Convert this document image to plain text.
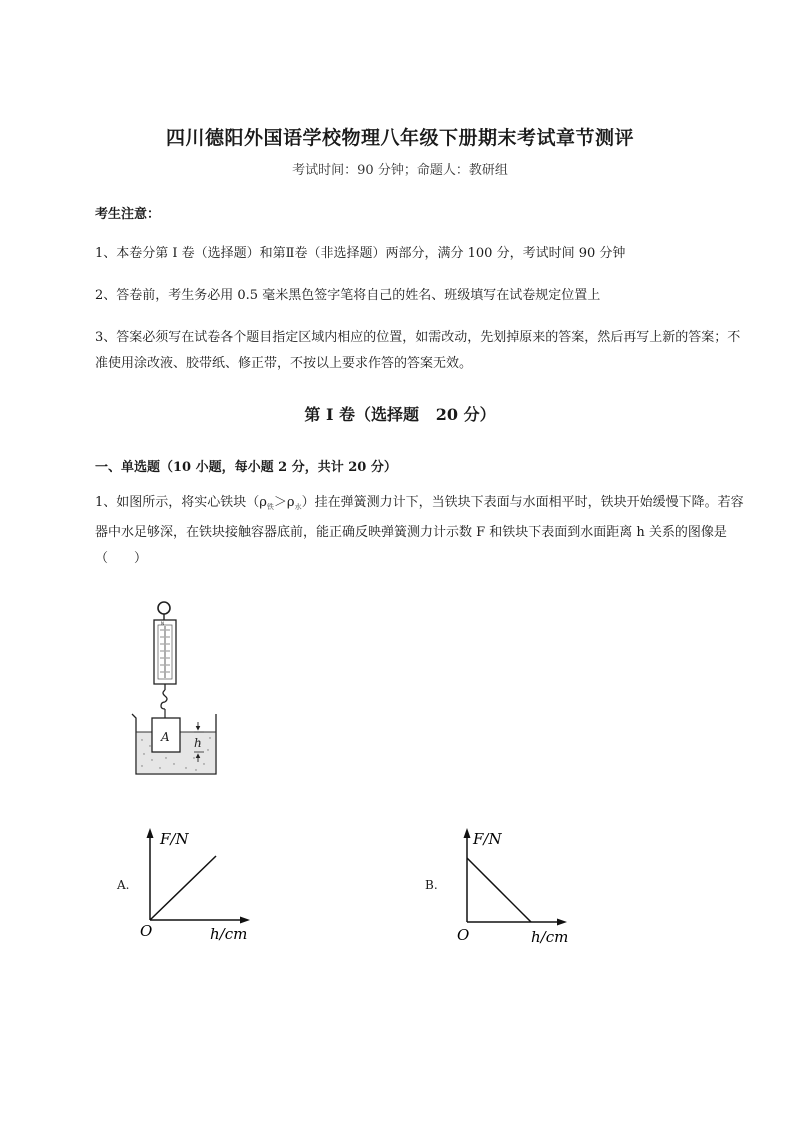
四川德阳外国语学校物理八年级下册期末考试章节测评
考试时间：90 分钟；命题人：教研组
考生注意：
1、本卷分第 I 卷（选择题）和第Ⅱ卷（非选择题）两部分，满分 100 分，考试时间 90 分钟
2、答卷前，考生务必用 0.5 毫米黑色签字笔将自己的姓名、班级填写在试卷规定位置上
3、答案必须写在试卷各个题目指定区域内相应的位置，如需改动，先划掉原来的答案，然后再写上新的答案；不准使用涂改液、胶带纸、修正带，不按以上要求作答的答案无效。
第 I 卷（选择题   20 分）
一、单选题（10 小题，每小题 2 分，共计 20 分）
1、如图所示，将实心铁块$(\rho_铁>\rho_水)$挂在弹簧测力计下，当铁块下表面与水面相平时，铁块开始缓慢下降。若容器中水足够深，在铁块接触容器底前，能正确反映弹簧测力计示数 F 和铁块下表面到水面距离 h 关系的图像是（　　）
N
A h
A.
F/N
h/cm
O
B.
F/N
h/cm
O
